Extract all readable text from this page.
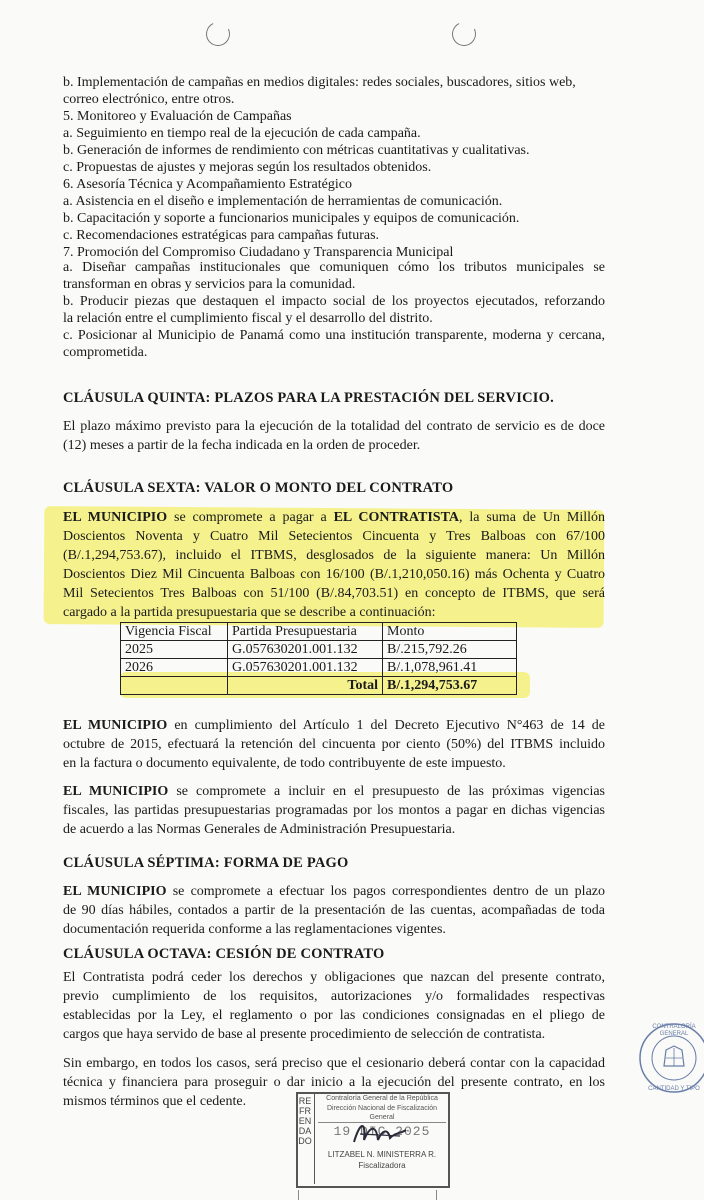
b. Implementación de campañas en medios digitales: redes sociales, buscadores, sitios web,
correo electrónico, entre otros.
5. Monitoreo y Evaluación de Campañas
a. Seguimiento en tiempo real de la ejecución de cada campaña.
b. Generación de informes de rendimiento con métricas cuantitativas y cualitativas.
c. Propuestas de ajustes y mejoras según los resultados obtenidos.
6. Asesoría Técnica y Acompañamiento Estratégico
a. Asistencia en el diseño e implementación de herramientas de comunicación.
b. Capacitación y soporte a funcionarios municipales y equipos de comunicación.
c. Recomendaciones estratégicas para campañas futuras.
7. Promoción del Compromiso Ciudadano y Transparencia Municipal
a. Diseñar campañas institucionales que comuniquen cómo los tributos municipales se
transforman en obras y servicios para la comunidad.
b. Producir piezas que destaquen el impacto social de los proyectos ejecutados, reforzando
la relación entre el cumplimiento fiscal y el desarrollo del distrito.
c. Posicionar al Municipio de Panamá como una institución transparente, moderna y cercana,
comprometida.
CLÁUSULA QUINTA: PLAZOS PARA LA PRESTACIÓN DEL SERVICIO.
El plazo máximo previsto para la ejecución de la totalidad del contrato de servicio es de doce
(12) meses a partir de la fecha indicada en la orden de proceder.
CLÁUSULA SEXTA: VALOR O MONTO DEL CONTRATO
EL MUNICIPIO se compromete a pagar a EL CONTRATISTA, la suma de Un Millón
Doscientos Noventa y Cuatro Mil Setecientos Cincuenta y Tres Balboas con 67/100
(B/.1,294,753.67), incluido el ITBMS, desglosados de la siguiente manera: Un Millón
Doscientos Diez Mil Cincuenta Balboas con 16/100 (B/.1,210,050.16) más Ochenta y Cuatro
Mil Setecientos Tres Balboas con 51/100 (B/.84,703.51) en concepto de ITBMS, que será
cargado a la partida presupuestaria que se describe a continuación:
Vigencia Fiscal	Partida Presupuestaria	Monto
2025	G.057630201.001.132	B/.215,792.26
2026	G.057630201.001.132	B/.1,078,961.41
	Total	B/.1,294,753.67
EL MUNICIPIO en cumplimiento del Artículo 1 del Decreto Ejecutivo N°463 de 14 de
octubre de 2015, efectuará la retención del cincuenta por ciento (50%) del ITBMS incluido
en la factura o documento equivalente, de todo contribuyente de este impuesto.
EL MUNICIPIO se compromete a incluir en el presupuesto de las próximas vigencias
fiscales, las partidas presupuestarias programadas por los montos a pagar en dichas vigencias
de acuerdo a las Normas Generales de Administración Presupuestaria.
CLÁUSULA SÉPTIMA: FORMA DE PAGO
EL MUNICIPIO se compromete a efectuar los pagos correspondientes dentro de un plazo
de 90 días hábiles, contados a partir de la presentación de las cuentas, acompañadas de toda
documentación requerida conforme a las reglamentaciones vigentes.
CLÁUSULA OCTAVA: CESIÓN DE CONTRATO
El Contratista podrá ceder los derechos y obligaciones que nazcan del presente contrato,
previo cumplimiento de los requisitos, autorizaciones y/o formalidades respectivas
establecidas por la Ley, el reglamento o por las condiciones consignadas en el pliego de
cargos que haya servido de base al presente procedimiento de selección de contratista.
Sin embargo, en todos los casos, será preciso que el cesionario deberá contar con la capacidad
técnica y financiera para proseguir o dar inicio a la ejecución del presente contrato, en los
mismos términos que el cedente.	REFRENDADO
Contraloría General de la República
Dirección Nacional de Fiscalización General
19 DIC 2025
LITZABEL N. MINISTERRA R.
Fiscalizadora
CONTRALORÍA GENERAL
CANTIDAD Y TIPO
